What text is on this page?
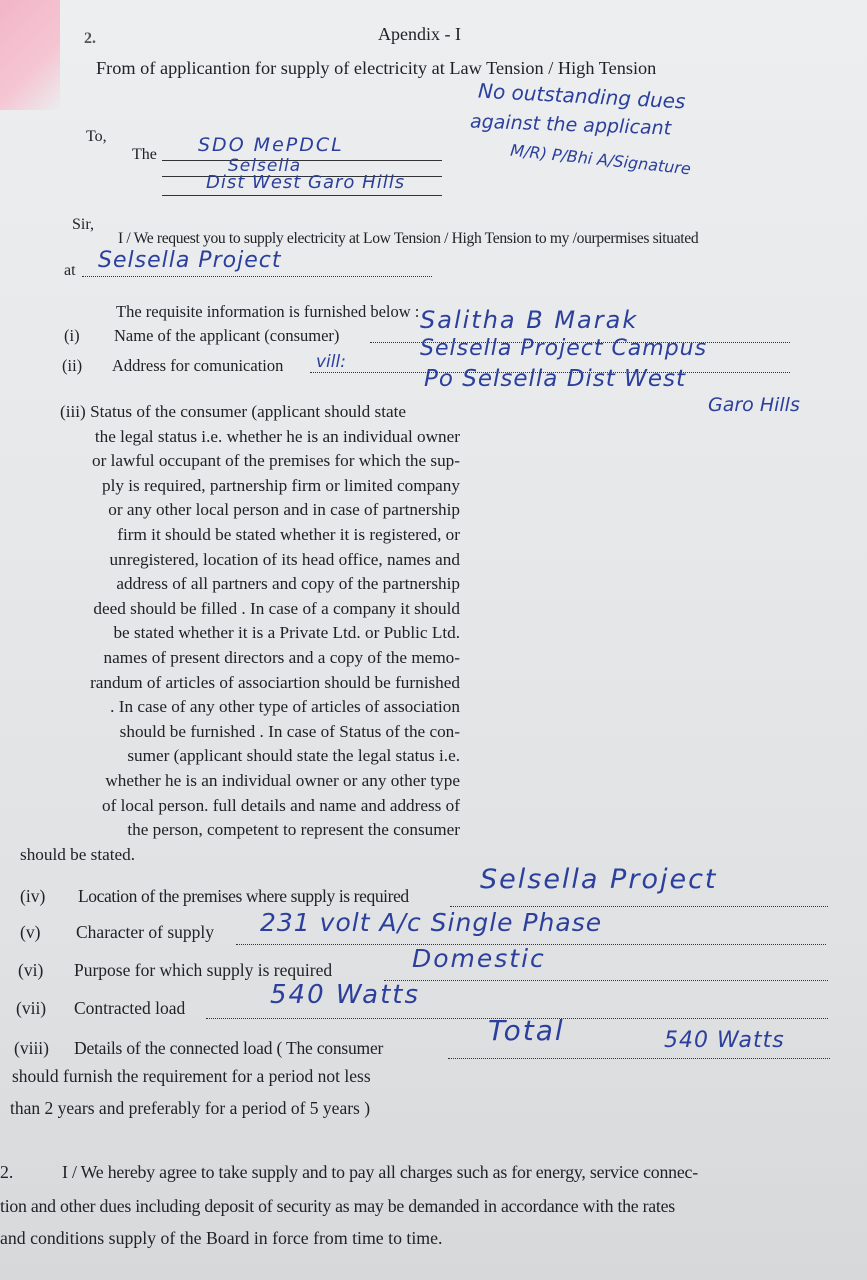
2.	Apendix - I
From of applicantion for supply of electricity at Law Tension / High Tension
To,
The SDO MePDCL
Selsella
Dist West Garo Hills
No outstanding dues
against the applicant
M/R) P/Bhi A/Signature
Sir,
I / We request you to supply electricity at Low Tension / High Tension to my /ourpermises situated
at Selsella Project
The requisite information is furnished below :
(i) Name of the applicant (consumer)
Salitha B Marak
(ii) Address for comunication vill:
Selsella Project Campus
Po Selsella Dist West
Garo Hills
(iii) Status of the consumer (applicant should state
the legal status i.e. whether he is an individual owner
or lawful occupant of the premises for which the sup-
ply is required, partnership firm or limited company
or any other local person and in case of partnership
firm it should be stated whether it is registered, or
unregistered, location of its head office, names and
address of all partners and copy of the partnership
deed should be filled . In case of a company it should
be stated whether it is a Private Ltd. or Public Ltd.
names of present directors and a copy of the memo-
randum of articles of associartion should be furnished
. In case of any other type of articles of association
should be furnished . In case of Status of the con-
sumer (applicant should state the legal status i.e.
whether he is an individual owner or any other type
of local person. full details and name and address of
the person, competent to represent the consumer
should be stated.
(iv) Location of the premises where supply is required
Selsella Project
(v) Character of supply 231 volt A/c Single Phase
(vi) Purpose for which supply is required	Domestic
(vii) Contracted load	540 Watts
(viii) Details of the connected load ( The consumer
Total	540 Watts
should furnish the requirement for a period not less
than 2 years and preferably for a period of 5 years )
2.	I / We hereby agree to take supply and to pay all charges such as for energy, service connec-
tion and other dues including deposit of security as may be demanded in accordance with the rates
and conditions supply of the Board in force from time to time.
